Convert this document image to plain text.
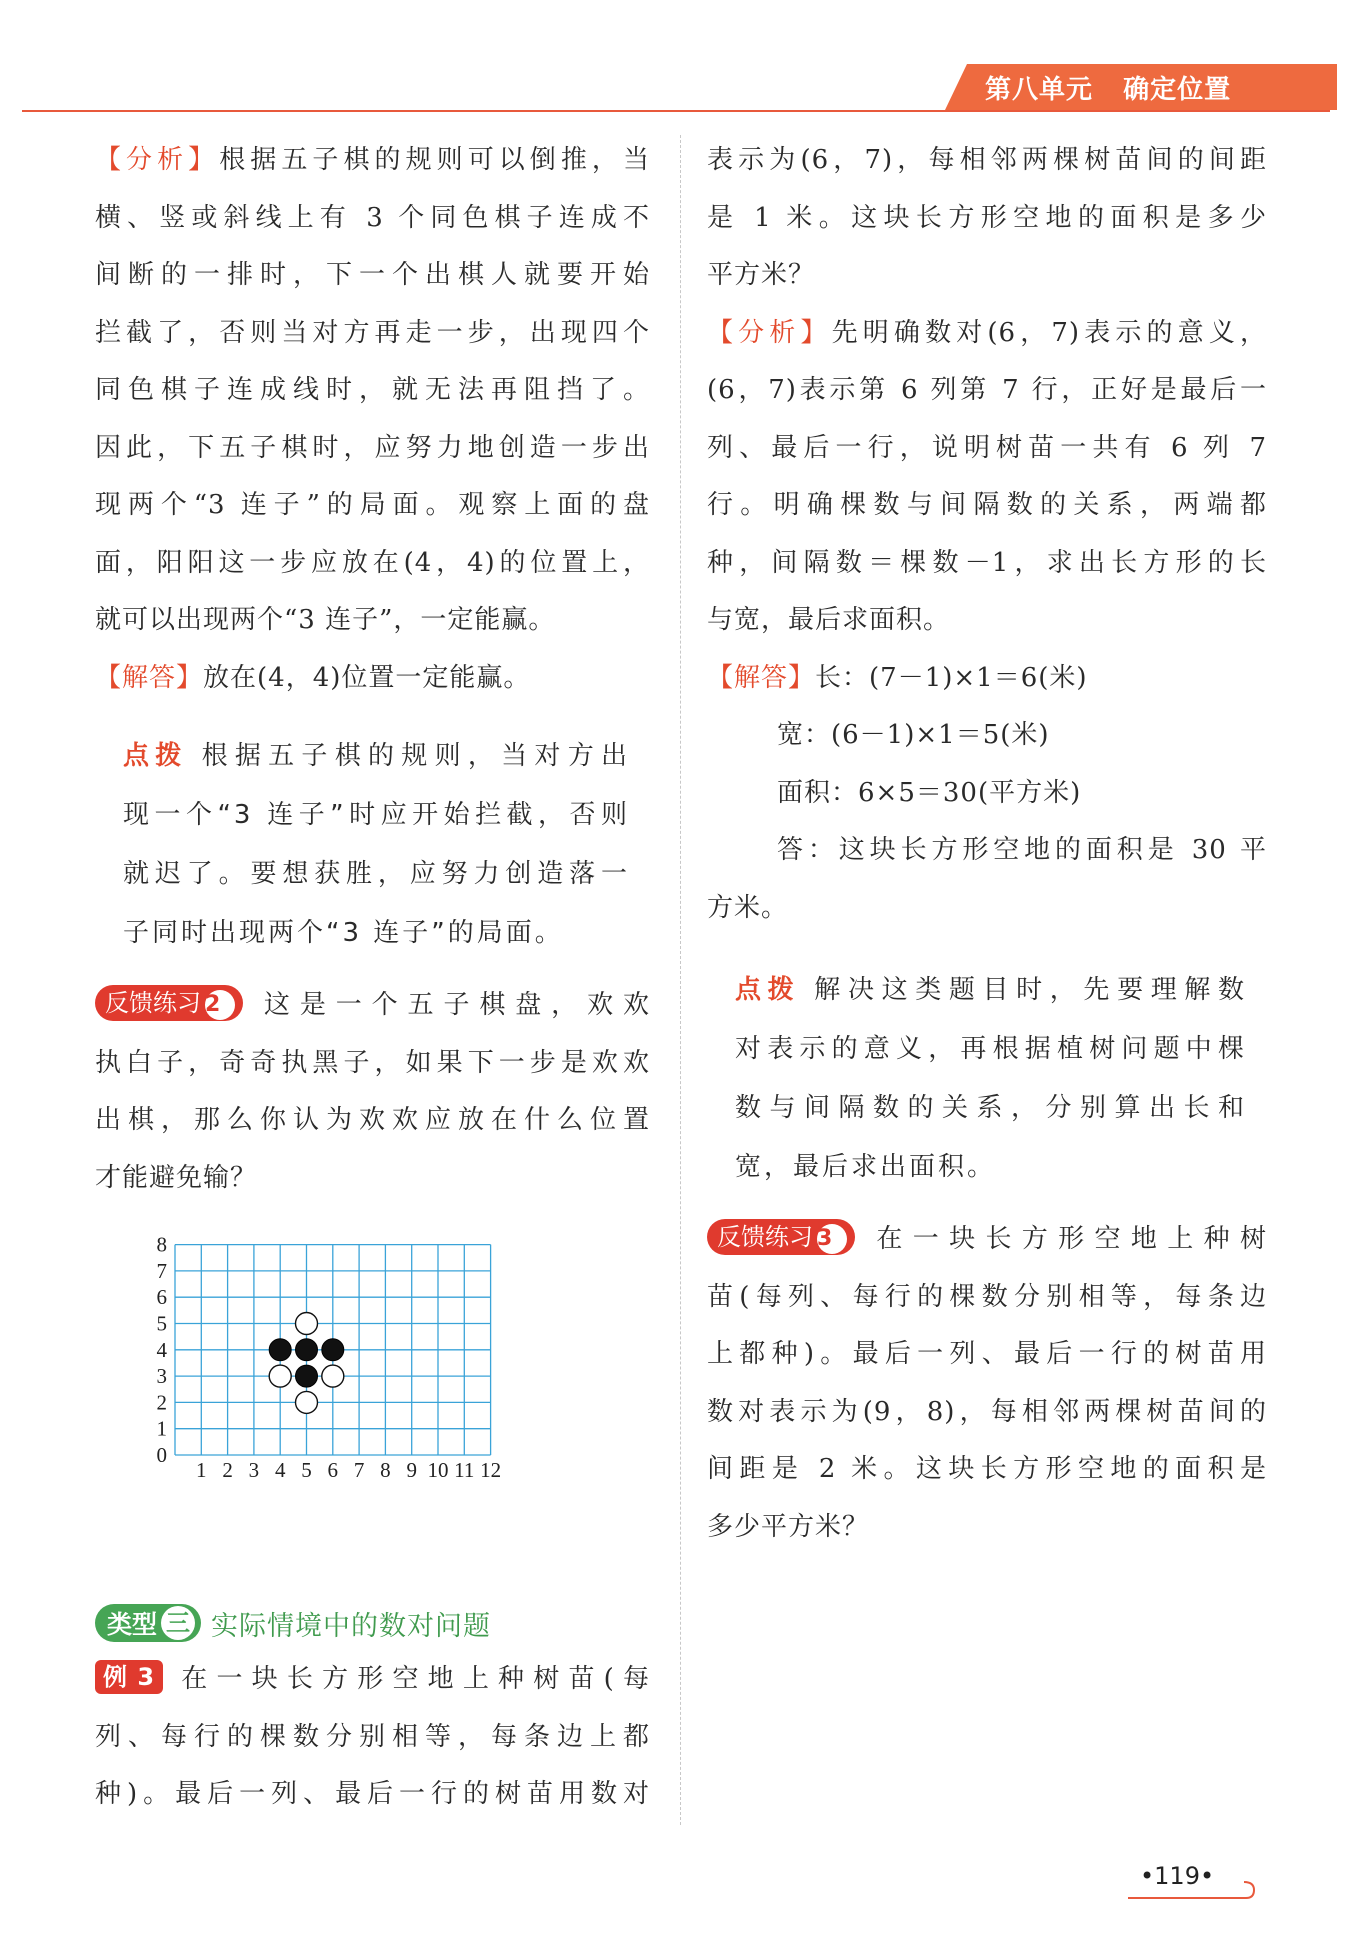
第八单元 确定位置
【分析】根据五子棋的规则可以倒推，当
横、竖或斜线上有 3 个同色棋子连成不
间断的一排时，下一个出棋人就要开始
拦截了，否则当对方再走一步，出现四个
同色棋子连成线时，就无法再阻挡了。
因此，下五子棋时，应努力地创造一步出
现两个“3 连子”的局面。观察上面的盘
面，阳阳这一步应放在(4，4)的位置上，
就可以出现两个“3 连子”，一定能赢。
【解答】放在(4，4)位置一定能赢。
点拨 根据五子棋的规则，当对方出
现一个“3 连子”时应开始拦截，否则
就迟了。要想获胜，应努力创造落一
子同时出现两个“3 连子”的局面。
反馈练习 2 这是一个五子棋盘，欢欢
执白子，奇奇执黑子，如果下一步是欢欢
出棋，那么你认为欢欢应放在什么位置
才能避免输？
0
1
2
3
4
5
6
7
8
1 2 3 4 5 6 7 8 9 10 11 12
类型 三 实际情境中的数对问题
例 3 在一块长方形空地上种树苗(每
列、每行的棵数分别相等，每条边上都
种)。最后一列、最后一行的树苗用数对
表示为(6，7)，每相邻两棵树苗间的间距
是 1 米。这块长方形空地的面积是多少
平方米？
【分析】先明确数对(6，7)表示的意义，
(6，7)表示第 6 列第 7 行，正好是最后一
列、最后一行，说明树苗一共有 6 列 7
行。明确棵数与间隔数的关系，两端都
种，间隔数＝棵数－1，求出长方形的长
与宽，最后求面积。
【解答】长：(7－1)×1＝6(米)
宽：(6－1)×1＝5(米)
面积：6×5＝30(平方米)
答：这块长方形空地的面积是 30 平
方米。
点拨 解决这类题目时，先要理解数
对表示的意义，再根据植树问题中棵
数与间隔数的关系，分别算出长和
宽，最后求出面积。
反馈练习 3 在一块长方形空地上种树
苗(每列、每行的棵数分别相等，每条边
上都种)。最后一列、最后一行的树苗用
数对表示为(9，8)，每相邻两棵树苗间的
间距是 2 米。这块长方形空地的面积是
多少平方米？
•119•
